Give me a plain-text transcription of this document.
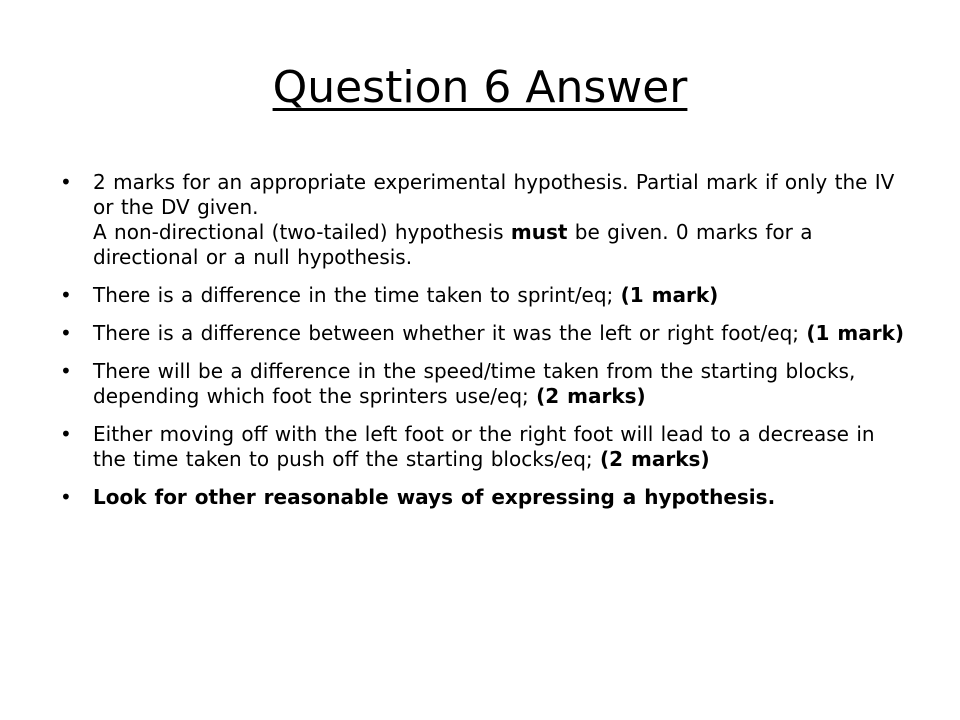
Question 6 Answer
• 2 marks for an appropriate experimental hypothesis. Partial mark if only the IV or the DV given.
A non-directional (two-tailed) hypothesis must be given. 0 marks for a directional or a null hypothesis.
• There is a difference in the time taken to sprint/eq; (1 mark)
• There is a difference between whether it was the left or right foot/eq; (1 mark)
• There will be a difference in the speed/time taken from the starting blocks, depending which foot the sprinters use/eq; (2 marks)
• Either moving off with the left foot or the right foot will lead to a decrease in the time taken to push off the starting blocks/eq; (2 marks)
• Look for other reasonable ways of expressing a hypothesis.
